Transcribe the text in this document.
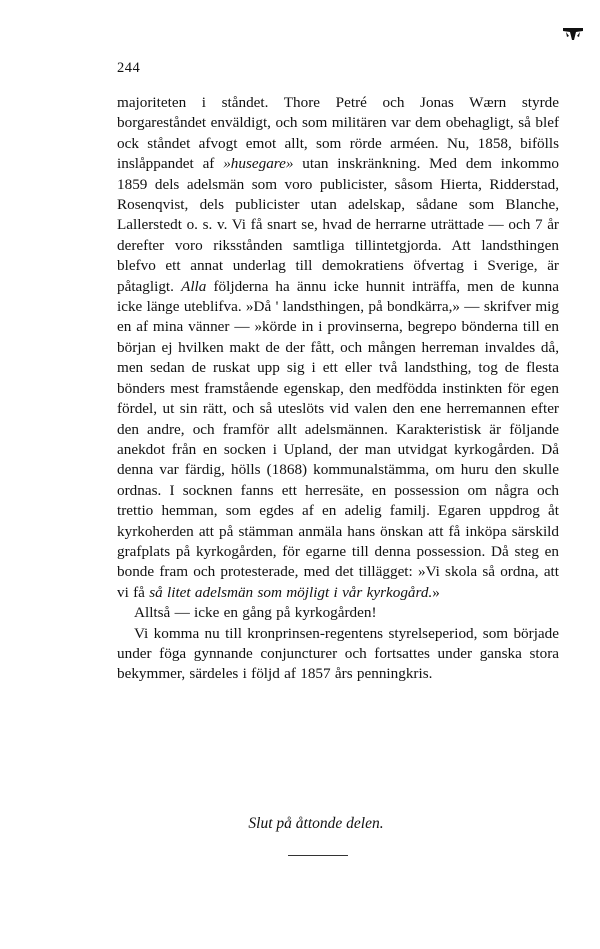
244

majoriteten i ståndet. Thore Petré och Jonas Wærn styrde borgareståndet enväldigt, och som militären var dem obehagligt, så blef ock ståndet afvogt emot allt, som rörde arméen. Nu, 1858, bifölls inslåppandet af »husegare» utan inskränkning. Med dem inkommo 1859 dels adelsmän som voro publicister, såsom Hierta, Ridderstad, Rosenqvist, dels publicister utan adelskap, sådane som Blanche, Lallerstedt o. s. v. Vi få snart se, hvad de herrarne uträttade — och 7 år derefter voro riksstånden samtliga tillintetgjorda. Att landsthingen blefvo ett annat underlag till demokratiens öfvertag i Sverige, är påtagligt. Alla följderna ha ännu icke hunnit inträffa, men de kunna icke länge uteblifva. »Då ' landsthingen, på bondkärra,» — skrifver mig en af mina vänner — »körde in i provinserna, begrepo bönderna till en början ej hvilken makt de der fått, och mången herreman invaldes då, men sedan de ruskat upp sig i ett eller två landsthing, tog de flesta bönders mest framstående egenskap, den medfödda instinkten för egen fördel, ut sin rätt, och så uteslöts vid valen den ene herremannen efter den andre, och framför allt adelsmännen. Karakteristisk är följande anekdot från en socken i Upland, der man utvidgat kyrkogården. Då denna var färdig, hölls (1868) kommunalstämma, om huru den skulle ordnas. I socknen fanns ett herresäte, en possession om några och trettio hemman, som egdes af en adelig familj. Egaren uppdrog åt kyrkoherden att på stämman anmäla hans önskan att få inköpa särskild grafplats på kyrkogården, för egarne till denna possession. Då steg en bonde fram och protesterade, med det tillägget: »Vi skola så ordna, att vi få så litet adelsmän som möjligt i vår kyrkogård.»

Alltså — icke en gång på kyrkogården!

Vi komma nu till kronprinsen-regentens styrelseperiod, som började under föga gynnande conjuncturer och fortsattes under ganska stora bekymmer, särdeles i följd af 1857 års penningkris.

Slut på åttonde delen.
